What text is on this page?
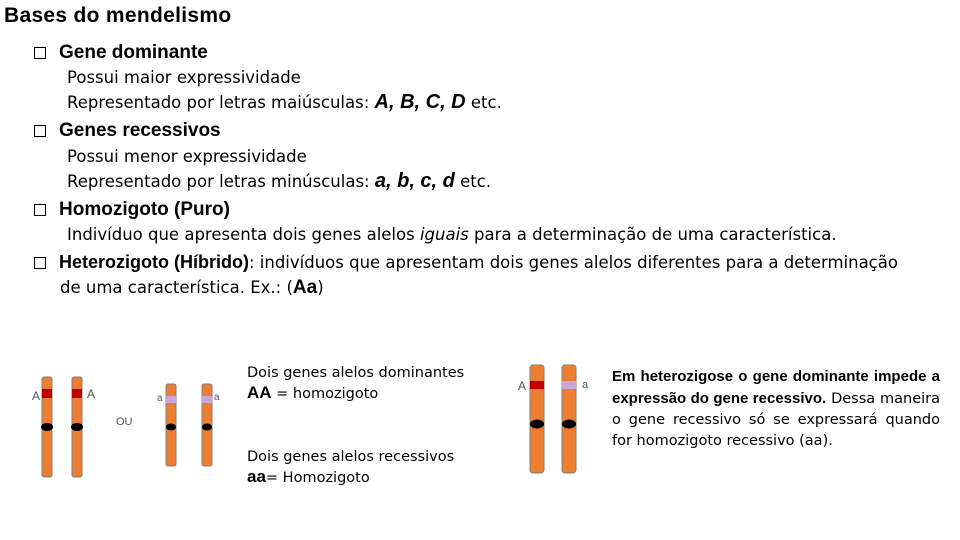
Bases do mendelismo
Gene dominante
Possui maior expressividade
Representado por letras maiúsculas: A, B, C, D etc.
Genes recessivos
Possui menor expressividade
Representado por letras minúsculas: a, b, c, d etc.
Homozigoto (Puro)
Indivíduo que apresenta dois genes alelos iguais para a determinação de uma característica.
Heterozigoto (Híbrido): indivíduos que apresentam dois genes alelos diferentes para a determinação
de uma característica. Ex.: (Aa)
A	A
OU
a	a
Dois genes alelos dominantes
AA = homozigoto
Dois genes alelos recessivos
aa= Homozigoto
A	a Em heterozigose o gene dominante impede a expressão do gene recessivo. Dessa maneira o gene recessivo só se expressará quando for homozigoto recessivo (aa).
